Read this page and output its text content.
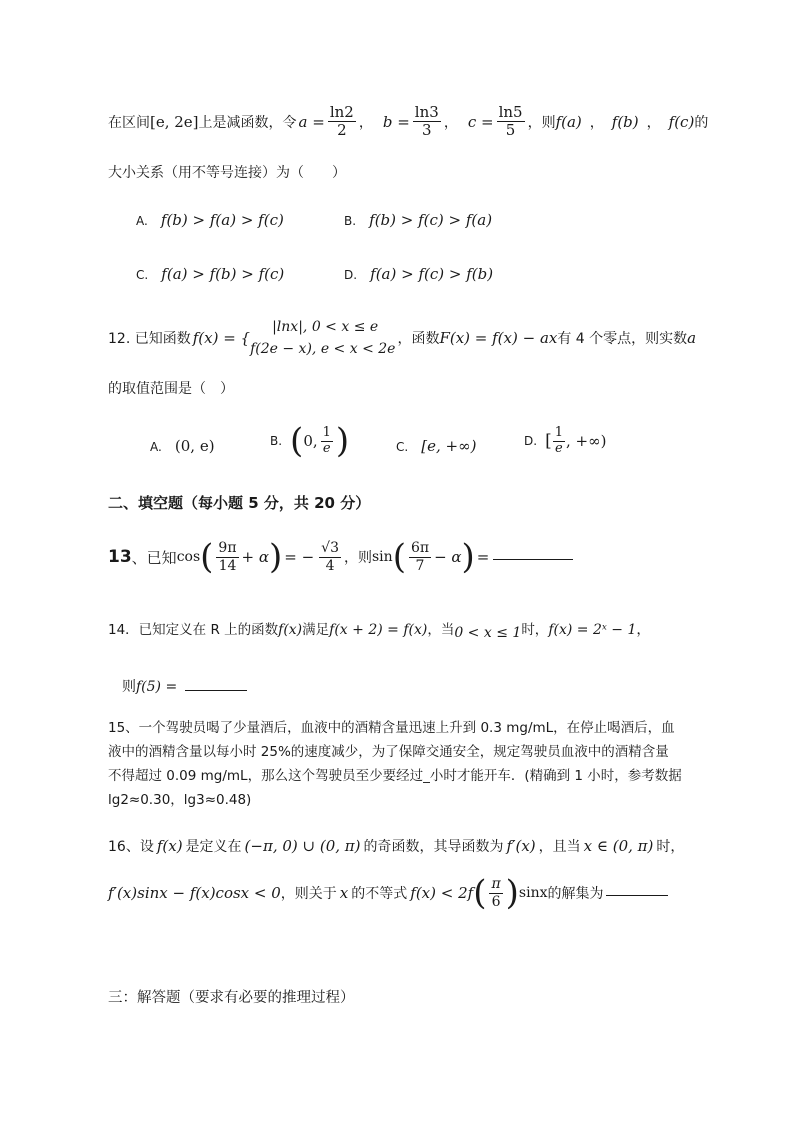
在区间 [e, 2e] 上是减函数，令 $a = \frac{\ln 2}{2}$ ， $b = \frac{\ln 3}{3}$ ， $c = \frac{\ln 5}{5}$ ，则 f(a) ， f(b) ， f(c) 的
大小关系（用不等号连接）为（　　）
A. f(b) > f(a) > f(c)	B. f(b) > f(c) > f(a)
C. f(a) > f(b) > f(c)	D. f(a) > f(c) > f(b)
12. 已知函数 f(x) = {
|lnx|, 0 < x ≤ e
f(2e − x), e < x < 2e
，函数 F(x) = f(x) − ax 有 4 个零点，则实数 a
的取值范围是（　）
A. (0, e)	B. ( 0, $\frac{1}{e}$ )	C. [e, +∞)	D. [ $\frac{1}{e}$ , +∞)
二、填空题（每小题 5 分，共 20 分）
13 、已知 cos ( $\frac{9\pi}{14} + \alpha$ ) = − $\frac{√3}{4}$ ，则 sin ( $\frac{6\pi}{7} - \alpha$ ) =
14．已知定义在 R 上的函数 f(x) 满足 f(x + 2) = f(x) ，当 0 < x ≤ 1 时， f(x) = 2ˣ − 1 ，
则 f(5) =
15、一个驾驶员喝了少量酒后，血液中的酒精含量迅速上升到 0.3 mg/mL，在停止喝酒后，血
液中的酒精含量以每小时 25%的速度减少，为了保障交通安全，规定驾驶员血液中的酒精含量
不得超过 0.09 mg/mL，那么这个驾驶员至少要经过_小时才能开车．(精确到 1 小时，参考数据
lg2≈0.30，lg3≈0.48)
16、设 f(x) 是定义在 (−π, 0) ∪ (0, π) 的奇函数，其导函数为 f′(x) ，且当 x ∈ (0, π) 时，
f′(x)sinx − f(x)cosx < 0 ，则关于 x 的不等式 f(x) < 2f ( $\frac{\pi}{6}$ ) sinx 的解集为
三：解答题（要求有必要的推理过程）
